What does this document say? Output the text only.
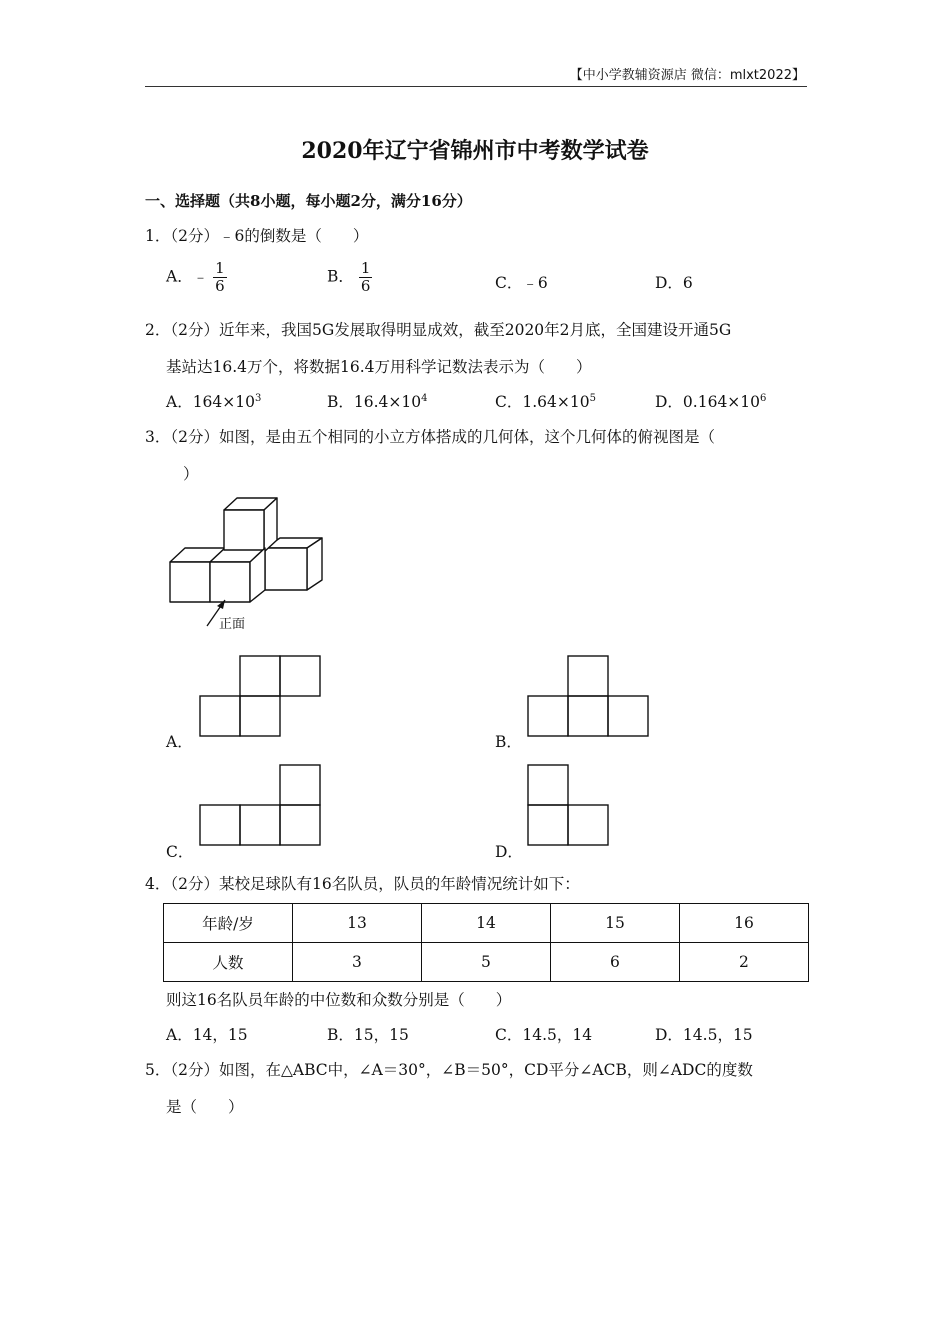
【中小学教辅资源店 微信：mlxt2022】
2020年辽宁省锦州市中考数学试卷
一、选择题（共8小题，每小题2分，满分16分）
1．（2分）﹣6的倒数是（　　）
A．﹣ $\frac{1}{6}$	B． $\frac{1}{6}$	C．﹣6	D．6
2．（2分）近年来，我国5G发展取得明显成效，截至2020年2月底，全国建设开通5G
基站达16.4万个，将数据16.4万用科学记数法表示为（　　）
A．$164\times 10^3$	B．$16.4\times 10^4$	C．$1.64\times 10^5$	D．$0.164\times 10^6$
3．（2分）如图，是由五个相同的小立方体搭成的几何体，这个几何体的俯视图是（
）
正面
A．	B．
C．	D．
4．（2分）某校足球队有16名队员，队员的年龄情况统计如下：
年龄/岁	13	14	15	16
人数	3	5	6	2
则这16名队员年龄的中位数和众数分别是（　　）
A．14，15	B．15，15	C．14.5，14	D．14.5，15
5．（2分）如图，在△ABC中，∠A＝30°，∠B＝50°，CD平分∠ACB，则∠ADC的度数
是（　　）
